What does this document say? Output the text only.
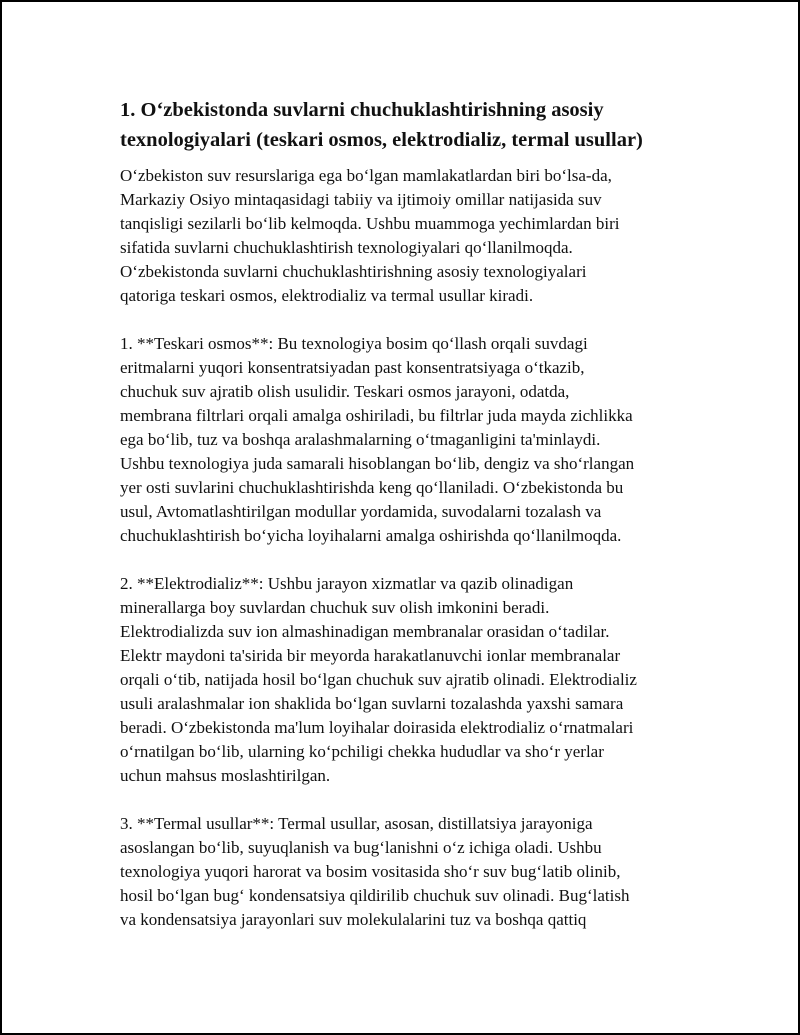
1. O‘zbekistonda suvlarni chuchuklashtirishning asosiy
texnologiyalari (teskari osmos, elektrodializ, termal usullar)

O‘zbekiston suv resurslariga ega bo‘lgan mamlakatlardan biri bo‘lsa-da,
Markaziy Osiyo mintaqasidagi tabiiy va ijtimoiy omillar natijasida suv
tanqisligi sezilarli bo‘lib kelmoqda. Ushbu muammoga yechimlardan biri
sifatida suvlarni chuchuklashtirish texnologiyalari qo‘llanilmoqda.
O‘zbekistonda suvlarni chuchuklashtirishning asosiy texnologiyalari
qatoriga teskari osmos, elektrodializ va termal usullar kiradi.

1. **Teskari osmos**: Bu texnologiya bosim qo‘llash orqali suvdagi
eritmalarni yuqori konsentratsiyadan past konsentratsiyaga o‘tkazib,
chuchuk suv ajratib olish usulidir. Teskari osmos jarayoni, odatda,
membrana filtrlari orqali amalga oshiriladi, bu filtrlar juda mayda zichlikka
ega bo‘lib, tuz va boshqa aralashmalarning o‘tmaganligini ta'minlaydi.
Ushbu texnologiya juda samarali hisoblangan bo‘lib, dengiz va sho‘rlangan
yer osti suvlarini chuchuklashtirishda keng qo‘llaniladi. O‘zbekistonda bu
usul, Avtomatlashtirilgan modullar yordamida, suvodalarni tozalash va
chuchuklashtirish bo‘yicha loyihalarni amalga oshirishda qo‘llanilmoqda.

2. **Elektrodializ**: Ushbu jarayon xizmatlar va qazib olinadigan
minerallarga boy suvlardan chuchuk suv olish imkonini beradi.
Elektrodializda suv ion almashinadigan membranalar orasidan o‘tadilar.
Elektr maydoni ta'sirida bir meyorda harakatlanuvchi ionlar membranalar
orqali o‘tib, natijada hosil bo‘lgan chuchuk suv ajratib olinadi. Elektrodializ
usuli aralashmalar ion shaklida bo‘lgan suvlarni tozalashda yaxshi samara
beradi. O‘zbekistonda ma'lum loyihalar doirasida elektrodializ o‘rnatmalari
o‘rnatilgan bo‘lib, ularning ko‘pchiligi chekka hududlar va sho‘r yerlar
uchun mahsus moslashtirilgan.

3. **Termal usullar**: Termal usullar, asosan, distillatsiya jarayoniga
asoslangan bo‘lib, suyuqlanish va bug‘lanishni o‘z ichiga oladi. Ushbu
texnologiya yuqori harorat va bosim vositasida sho‘r suv bug‘latib olinib,
hosil bo‘lgan bug‘ kondensatsiya qildirilib chuchuk suv olinadi. Bug‘latish
va kondensatsiya jarayonlari suv molekulalarini tuz va boshqa qattiq
